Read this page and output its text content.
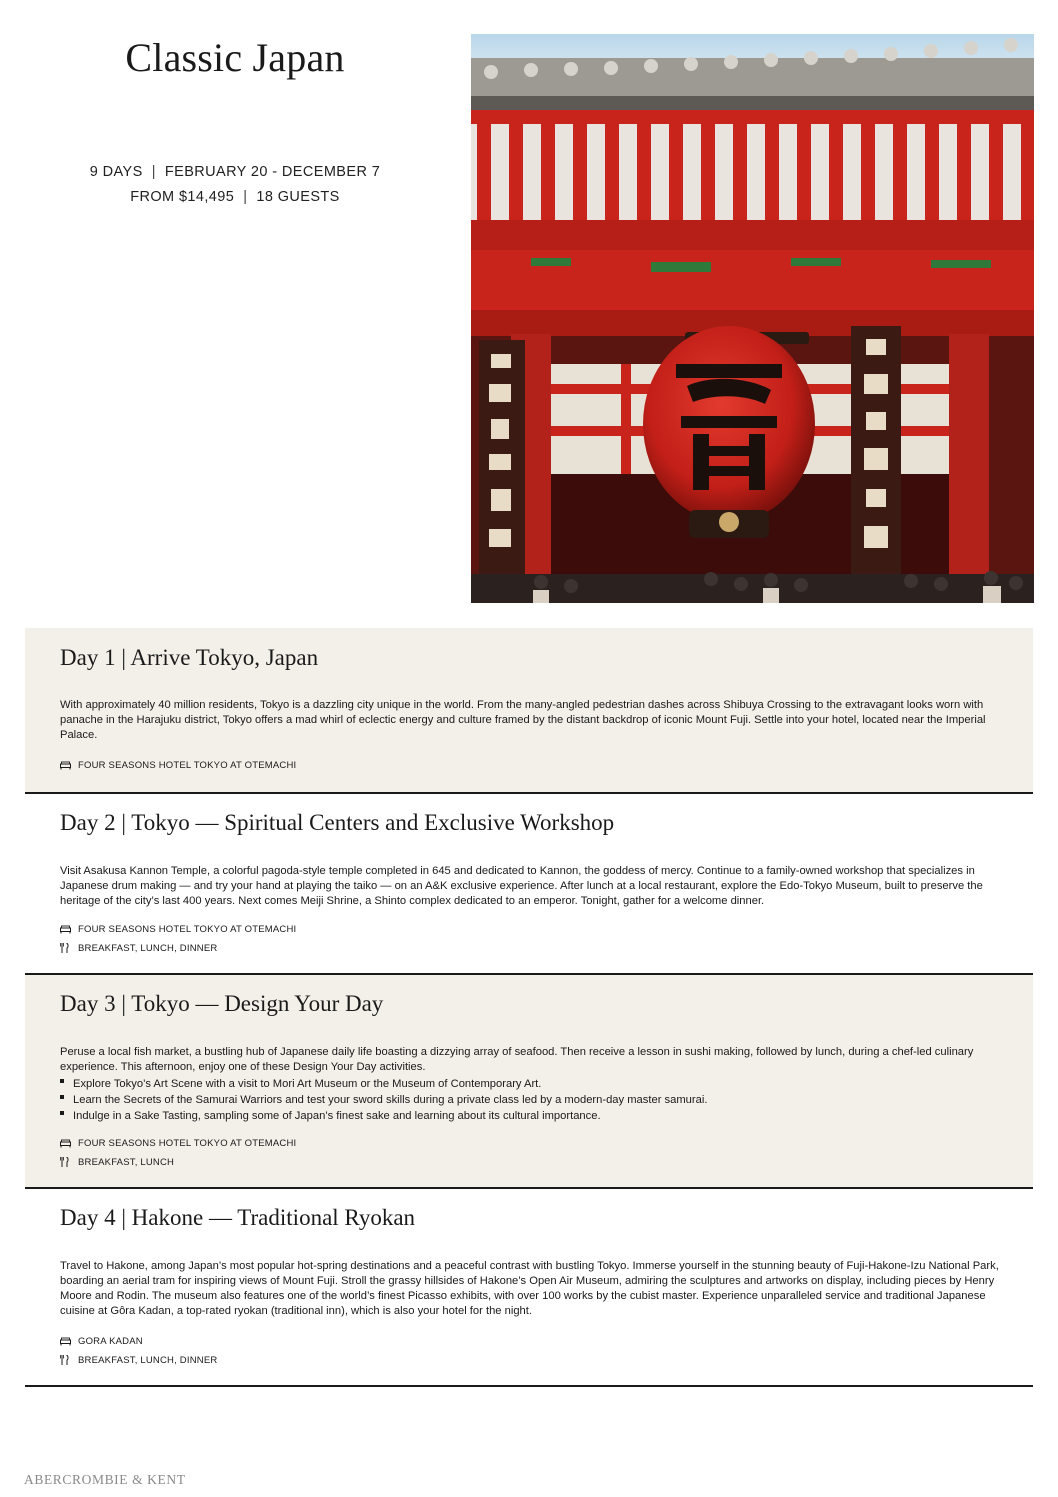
Classic Japan
9 DAYS | FEBRUARY 20 - DECEMBER 7
FROM $14,495 | 18 GUESTS
Day 1 | Arrive Tokyo, Japan

With approximately 40 million residents, Tokyo is a dazzling city unique in the world. From the many-angled pedestrian dashes across Shibuya Crossing to the extravagant looks worn with panache in the Harajuku district, Tokyo offers a mad whirl of eclectic energy and culture framed by the distant backdrop of iconic Mount Fuji. Settle into your hotel, located near the Imperial Palace.

FOUR SEASONS HOTEL TOKYO AT OTEMACHI
Day 2 | Tokyo — Spiritual Centers and Exclusive Workshop

Visit Asakusa Kannon Temple, a colorful pagoda-style temple completed in 645 and dedicated to Kannon, the goddess of mercy. Continue to a family-owned workshop that specializes in Japanese drum making — and try your hand at playing the taiko — on an A&K exclusive experience. After lunch at a local restaurant, explore the Edo-Tokyo Museum, built to preserve the heritage of the city’s last 400 years. Next comes Meiji Shrine, a Shinto complex dedicated to an emperor. Tonight, gather for a welcome dinner.

FOUR SEASONS HOTEL TOKYO AT OTEMACHI
BREAKFAST, LUNCH, DINNER
Day 3 | Tokyo — Design Your Day

Peruse a local fish market, a bustling hub of Japanese daily life boasting a dizzying array of seafood. Then receive a lesson in sushi making, followed by lunch, during a chef-led culinary experience. This afternoon, enjoy one of these Design Your Day activities.

Explore Tokyo’s Art Scene with a visit to Mori Art Museum or the Museum of Contemporary Art.
Learn the Secrets of the Samurai Warriors and test your sword skills during a private class led by a modern-day master samurai.
Indulge in a Sake Tasting, sampling some of Japan’s finest sake and learning about its cultural importance.
FOUR SEASONS HOTEL TOKYO AT OTEMACHI
BREAKFAST, LUNCH
Day 4 | Hakone — Traditional Ryokan

Travel to Hakone, among Japan’s most popular hot-spring destinations and a peaceful contrast with bustling Tokyo. Immerse yourself in the stunning beauty of Fuji-Hakone-Izu National Park, boarding an aerial tram for inspiring views of Mount Fuji. Stroll the grassy hillsides of Hakone’s Open Air Museum, admiring the sculptures and artworks on display, including pieces by Henry Moore and Rodin. The museum also features one of the world’s finest Picasso exhibits, with over 100 works by the cubist master. Experience unparalleled service and traditional Japanese cuisine at Gôra Kadan, a top-rated ryokan (traditional inn), which is also your hotel for the night.

GORA KADAN
BREAKFAST, LUNCH, DINNER
ABERCROMBIE & KENT
